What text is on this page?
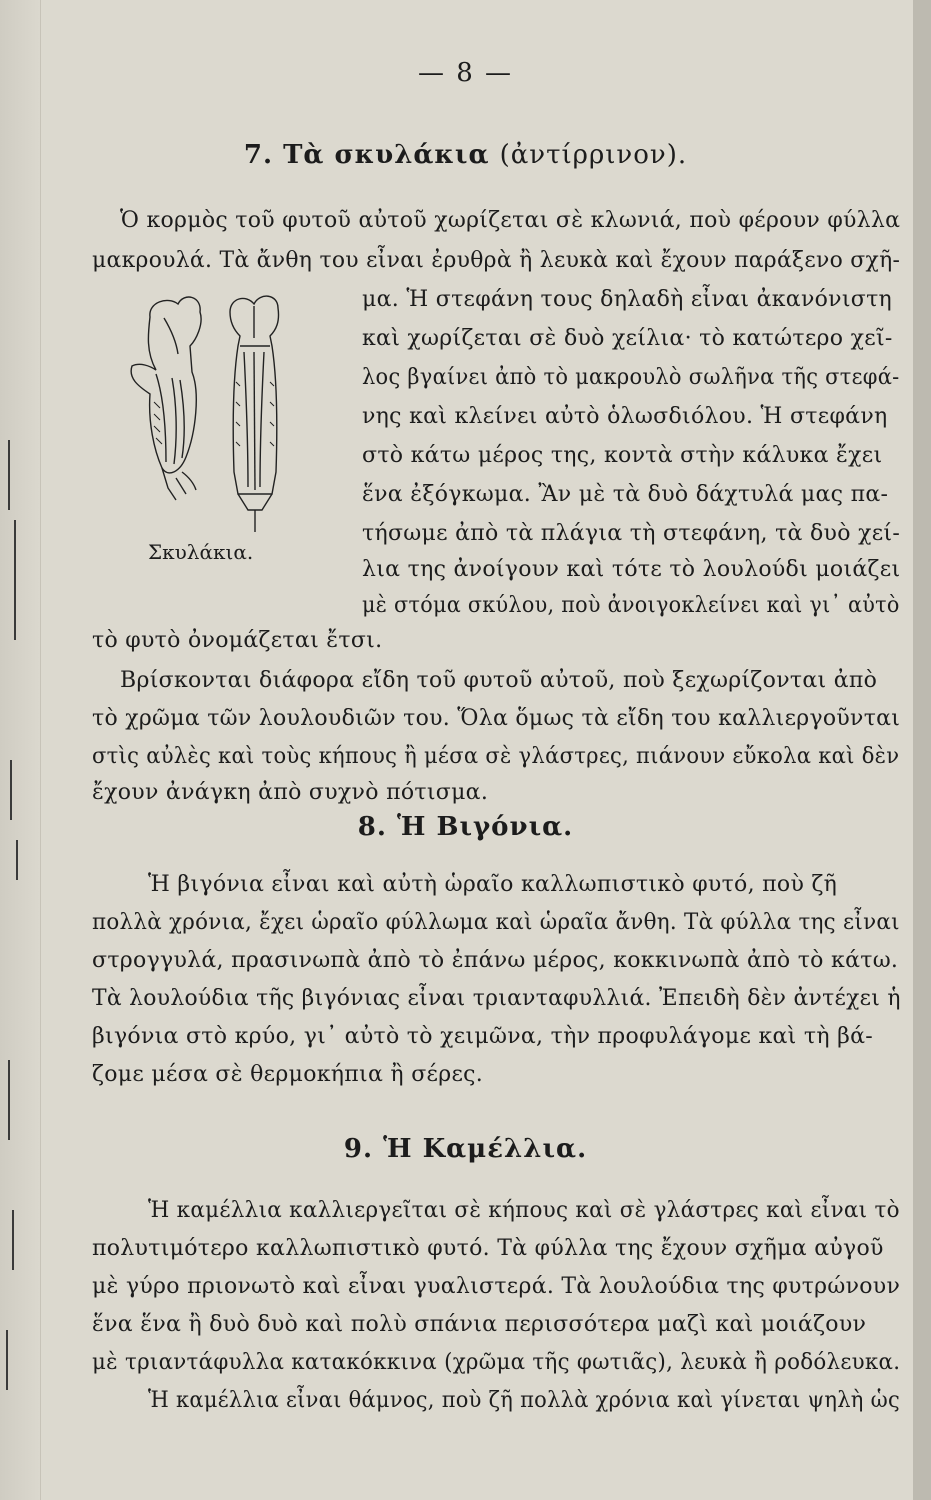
— 8 —
7. Τὰ σκυλάκια (ἀντίρρινον).
Ὁ κορμὸς τοῦ φυτοῦ αὐτοῦ χωρίζεται σὲ κλωνιά, ποὺ φέρουν φύλλα
μακρουλά. Τὰ ἄνθη του εἶναι ἐρυθρὰ ἢ λευκὰ καὶ ἔχουν παράξενο σχῆ-
μα. Ἡ στεφάνη τους δηλαδὴ εἶναι ἀκανόνιστη
καὶ χωρίζεται σὲ δυὸ χείλια· τὸ κατώτερο χεῖ-
λος βγαίνει ἀπὸ τὸ μακρουλὸ σωλῆνα τῆς στεφά-
νης καὶ κλείνει αὐτὸ ὁλωσδιόλου. Ἡ στεφάνη
στὸ κάτω μέρος της, κοντὰ στὴν κάλυκα ἔχει
ἕνα ἐξόγκωμα. Ἂν μὲ τὰ δυὸ δάχτυλά μας πα-
τήσωμε ἀπὸ τὰ πλάγια τὴ στεφάνη, τὰ δυὸ χεί-
λια της ἀνοίγουν καὶ τότε τὸ λουλούδι μοιάζει
μὲ στόμα σκύλου, ποὺ ἀνοιγοκλείνει καὶ γι᾽ αὐτὸ
τὸ φυτὸ ὀνομάζεται ἔτσι.
Βρίσκονται διάφορα εἴδη τοῦ φυτοῦ αὐτοῦ, ποὺ ξεχωρίζονται ἀπὸ
τὸ χρῶμα τῶν λουλουδιῶν του. Ὅλα ὅμως τὰ εἴδη του καλλιεργοῦνται
στὶς αὐλὲς καὶ τοὺς κήπους ἢ μέσα σὲ γλάστρες, πιάνουν εὔκολα καὶ δὲν
ἔχουν ἀνάγκη ἀπὸ συχνὸ πότισμα.
Σκυλάκια.
8. Ἡ Βιγόνια.
Ἡ βιγόνια εἶναι καὶ αὐτὴ ὡραῖο καλλωπιστικὸ φυτό, ποὺ ζῆ
πολλὰ χρόνια, ἔχει ὡραῖο φύλλωμα καὶ ὡραῖα ἄνθη. Τὰ φύλλα της εἶναι
στρογγυλά, πρασινωπὰ ἀπὸ τὸ ἐπάνω μέρος, κοκκινωπὰ ἀπὸ τὸ κάτω.
Τὰ λουλούδια τῆς βιγόνιας εἶναι τριανταφυλλιά. Ἐπειδὴ δὲν ἀντέχει ἡ
βιγόνια στὸ κρύο, γι᾽ αὐτὸ τὸ χειμῶνα, τὴν προφυλάγομε καὶ τὴ βά-
ζομε μέσα σὲ θερμοκήπια ἢ σέρες.
9. Ἡ Καμέλλια.
Ἡ καμέλλια καλλιεργεῖται σὲ κήπους καὶ σὲ γλάστρες καὶ εἶναι τὸ
πολυτιμότερο καλλωπιστικὸ φυτό. Τὰ φύλλα της ἔχουν σχῆμα αὐγοῦ
μὲ γύρο πριονωτὸ καὶ εἶναι γυαλιστερά. Τὰ λουλούδια της φυτρώνουν
ἕνα ἕνα ἢ δυὸ δυὸ καὶ πολὺ σπάνια περισσότερα μαζὶ καὶ μοιάζουν
μὲ τριαντάφυλλα κατακόκκινα (χρῶμα τῆς φωτιᾶς), λευκὰ ἢ ροδόλευκα.
Ἡ καμέλλια εἶναι θάμνος, ποὺ ζῆ πολλὰ χρόνια καὶ γίνεται ψηλὴ ὡς
